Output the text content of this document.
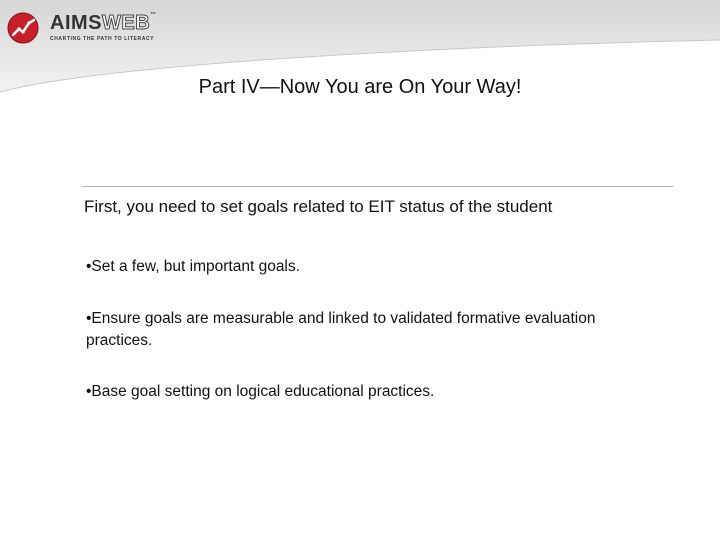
AIMSWEB™
CHARTING THE PATH TO LITERACY
Part IV—Now You are On Your Way!
First, you need to set goals related to EIT status of the student
•Set a few, but important goals.
•Ensure goals are measurable and linked to validated formative evaluation practices.
•Base goal setting on logical educational practices.
